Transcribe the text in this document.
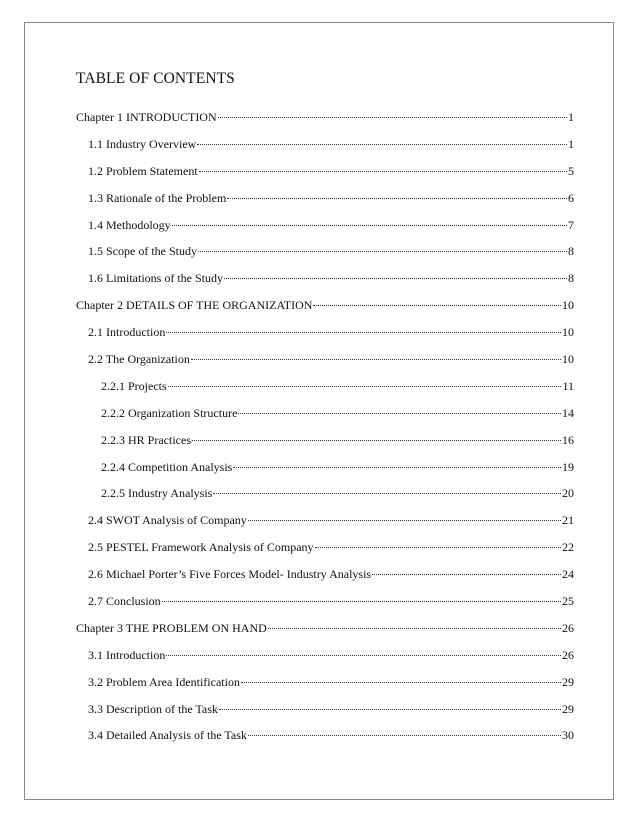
TABLE OF CONTENTS
Chapter 1 INTRODUCTION	1
1.1 Industry Overview	1
1.2 Problem Statement	5
1.3 Rationale of the Problem	6
1.4 Methodology	7
1.5 Scope of the Study	8
1.6 Limitations of the Study	8
Chapter 2 DETAILS OF THE ORGANIZATION	10
2.1 Introduction	10
2.2 The Organization	10
2.2.1 Projects	11
2.2.2 Organization Structure	14
2.2.3 HR Practices	16
2.2.4 Competition Analysis	19
2.2.5 Industry Analysis	20
2.4 SWOT Analysis of Company	21
2.5 PESTEL Framework Analysis of Company	22
2.6 Michael Porter’s Five Forces Model- Industry Analysis	24
2.7 Conclusion	25
Chapter 3 THE PROBLEM ON HAND	26
3.1 Introduction	26
3.2 Problem Area Identification	29
3.3 Description of the Task	29
3.4 Detailed Analysis of the Task	30
